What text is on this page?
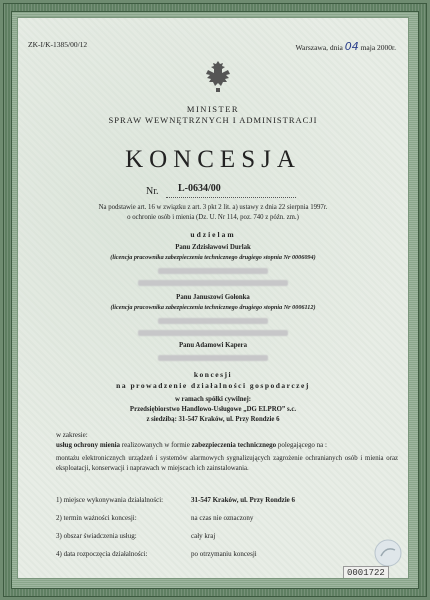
ZK-I/K-1385/00/12	Warszawa, dnia 04 maja 2000r.
MINISTER
SPRAW WEWNĘTRZNYCH I ADMINISTRACJI
KONCESJA
Nr. L-0634/00
Na podstawie art. 16 w związku z art. 3 pkt 2 lit. a) ustawy z dnia 22 sierpnia 1997r.
o ochronie osób i mienia (Dz. U. Nr 114, poz. 740 z późn. zm.)
udzielam
Panu Zdzisławowi Durlak
(licencja pracownika zabezpieczenia technicznego drugiego stopnia Nr 0006094)
Panu Januszowi Gołonka
(licencja pracownika zabezpieczenia technicznego drugiego stopnia Nr 0006112)
Panu Adamowi Kapera
koncesji
na prowadzenie działalności gospodarczej
w ramach spółki cywilnej:
Przedsiębiorstwo Handlowo-Usługowe „DG ELPRO” s.c.
z siedzibą: 31-547 Kraków, ul. Przy Rondzie 6
w zakresie:
usług ochrony mienia realizowanych w formie zabezpieczenia technicznego polegającego na :
montażu elektronicznych urządzeń i systemów alarmowych sygnalizujących zagrożenie ochranianych osób i mienia oraz eksploatacji, konserwacji i naprawach w miejscach ich zainstalowania.
1) miejsce wykonywania działalności:	31-547 Kraków, ul. Przy Rondzie 6
2) termin ważności koncesji:	na czas nie oznaczony
3) obszar świadczenia usług:	cały kraj
4) data rozpoczęcia działalności:	po otrzymaniu koncesji
0001722
